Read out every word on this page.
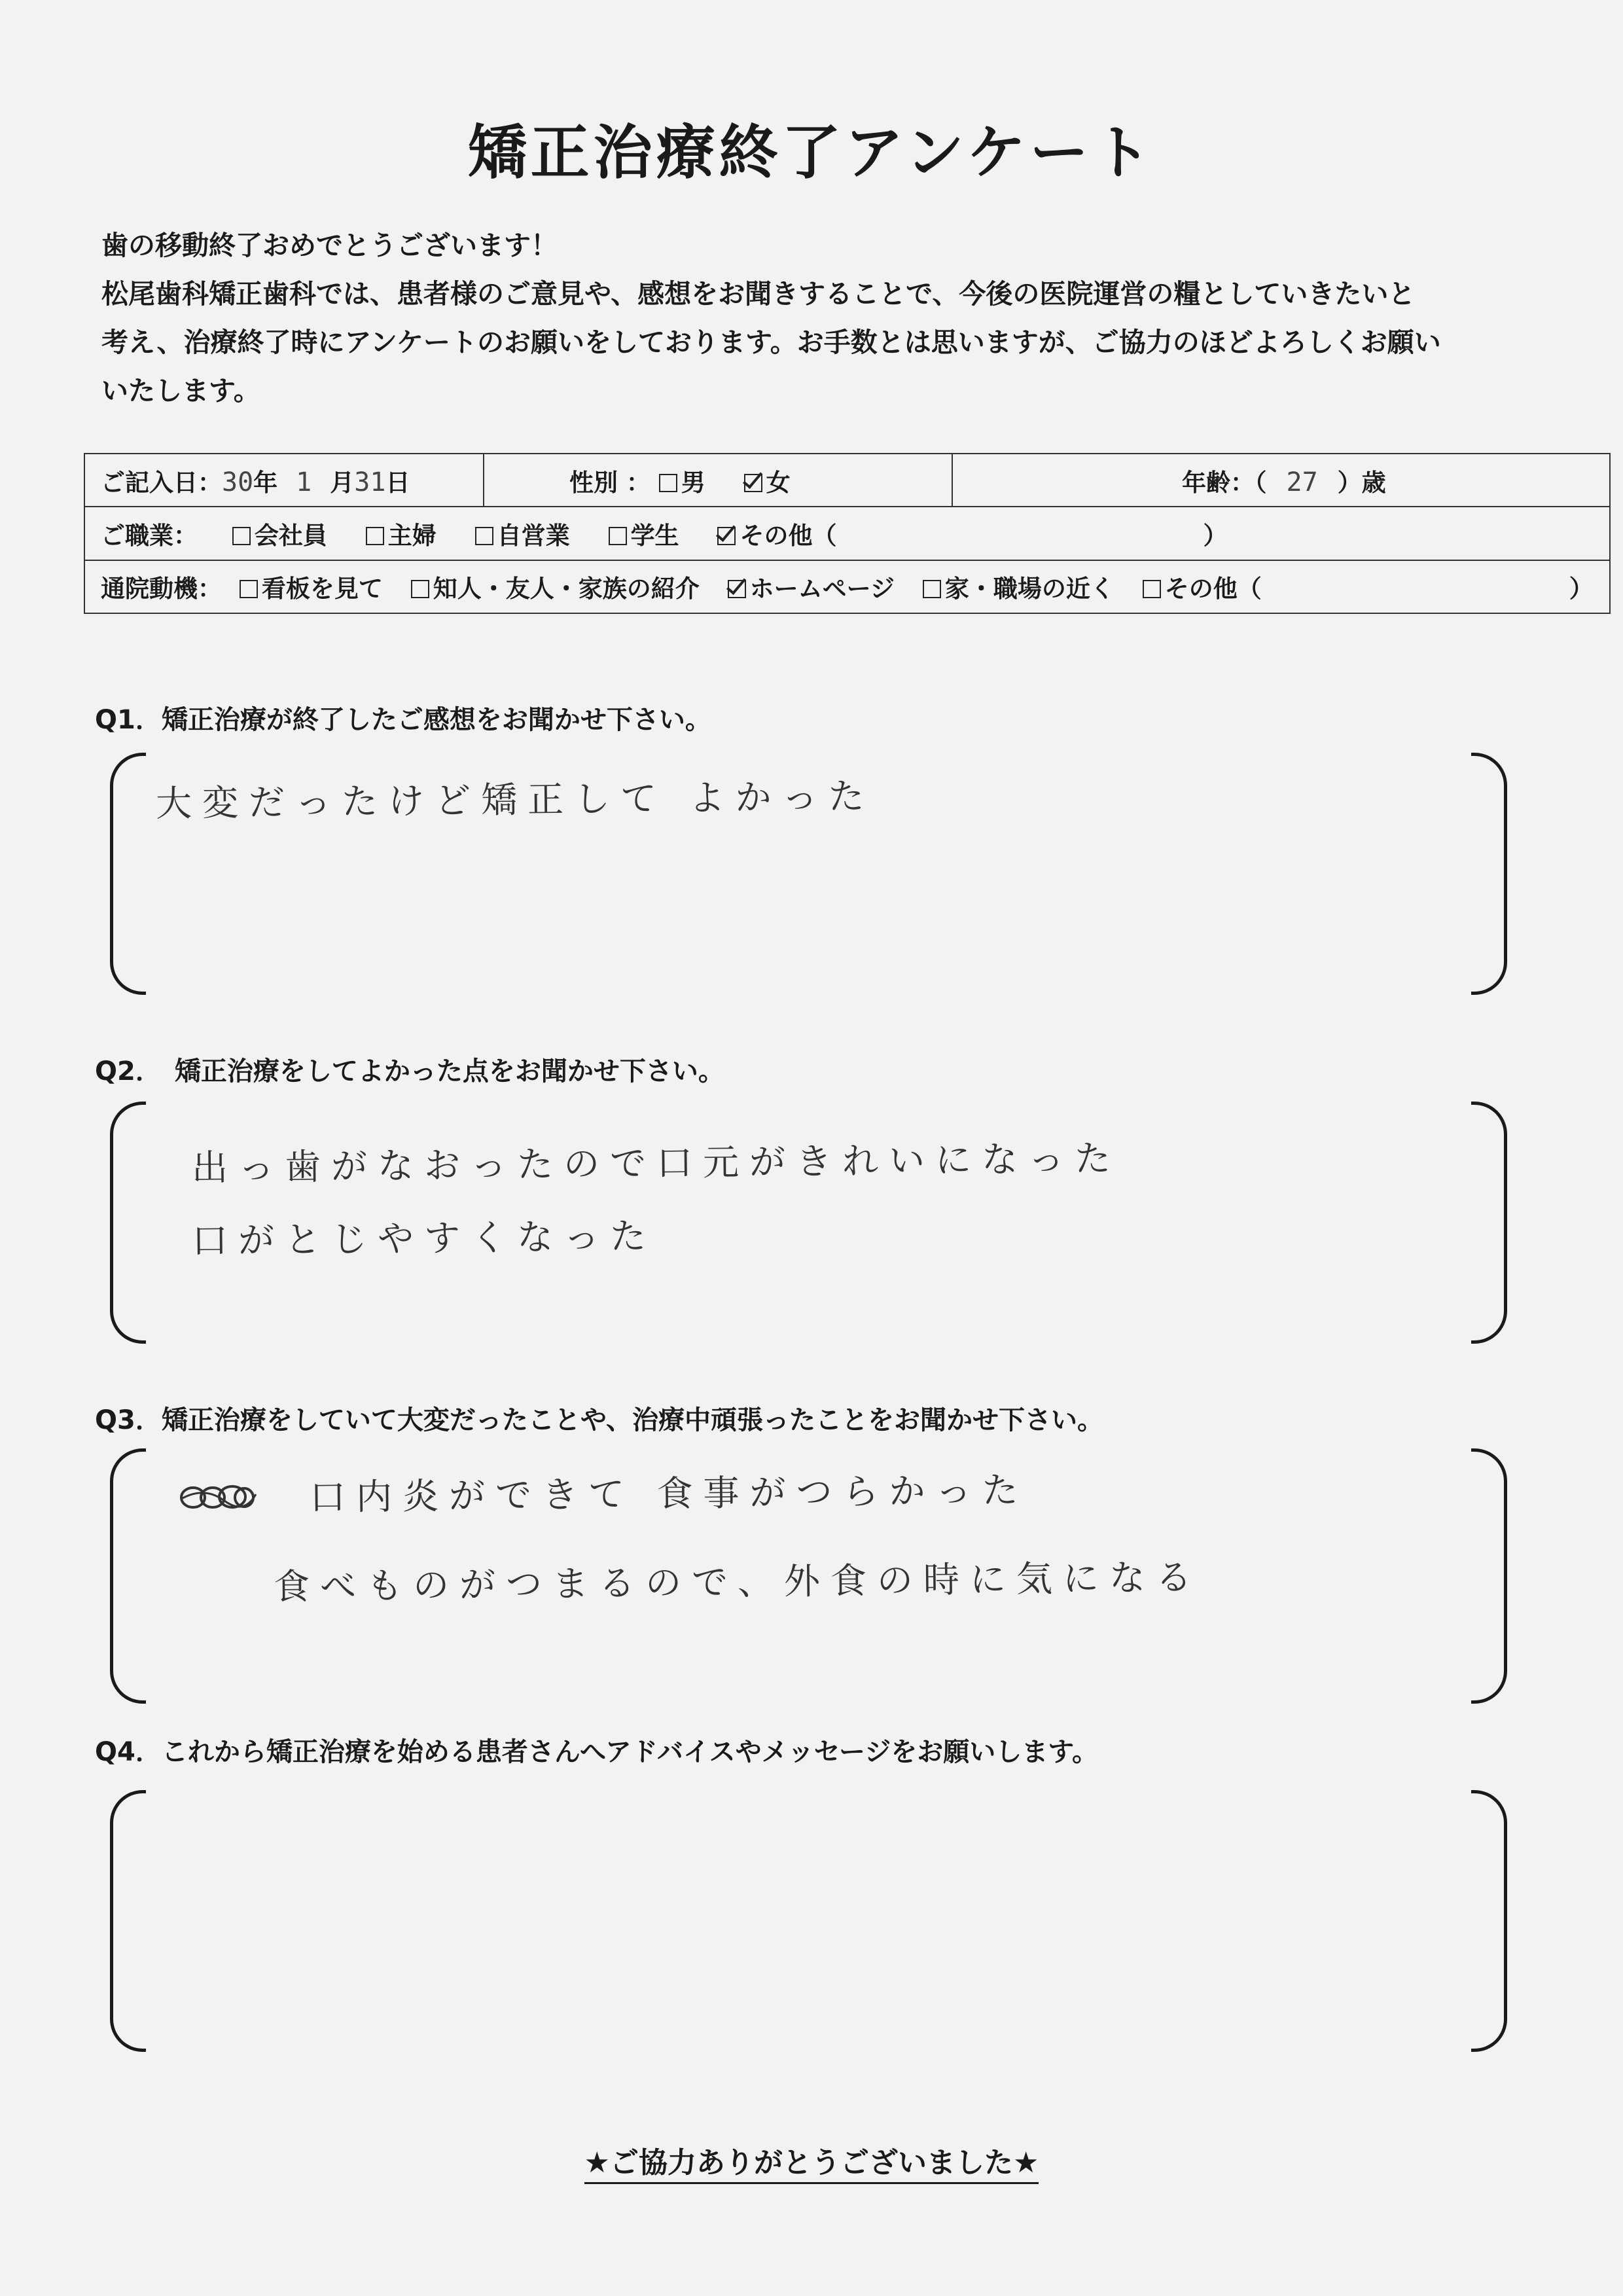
矯正治療終了アンケート

歯の移動終了おめでとうございます！

松尾歯科矯正歯科では、患者様のご意見や、感想をお聞きすることで、今後の医院運営の糧としていきたいと

考え、治療終了時にアンケートのお願いをしております。お手数とは思いますが、ご協力のほどよろしくお願い

いたします。

ご記入日：30年 1 月31日	性別 ： 男	女	年齢：（ 27 ）歳
ご職業： 会社員	主婦	自営業	学生	その他（	）
通院動機： 看板を見て 知人・友人・家族の紹介 ホームページ 家・職場の近く その他（	）
Q1．矯正治療が終了したご感想をお聞かせ下さい。
大変だったけど矯正して よかった
Q2．　矯正治療をしてよかった点をお聞かせ下さい。
出っ歯がなおったので口元がきれいになった
口がとじやすくなった
Q3．矯正治療をしていて大変だったことや、治療中頑張ったことをお聞かせ下さい。
口内炎ができて 食事がつらかった
食べものがつまるので、外食の時に気になる
Q4．これから矯正治療を始める患者さんへアドバイスやメッセージをお願いします。
★ご協力ありがとうございました★
